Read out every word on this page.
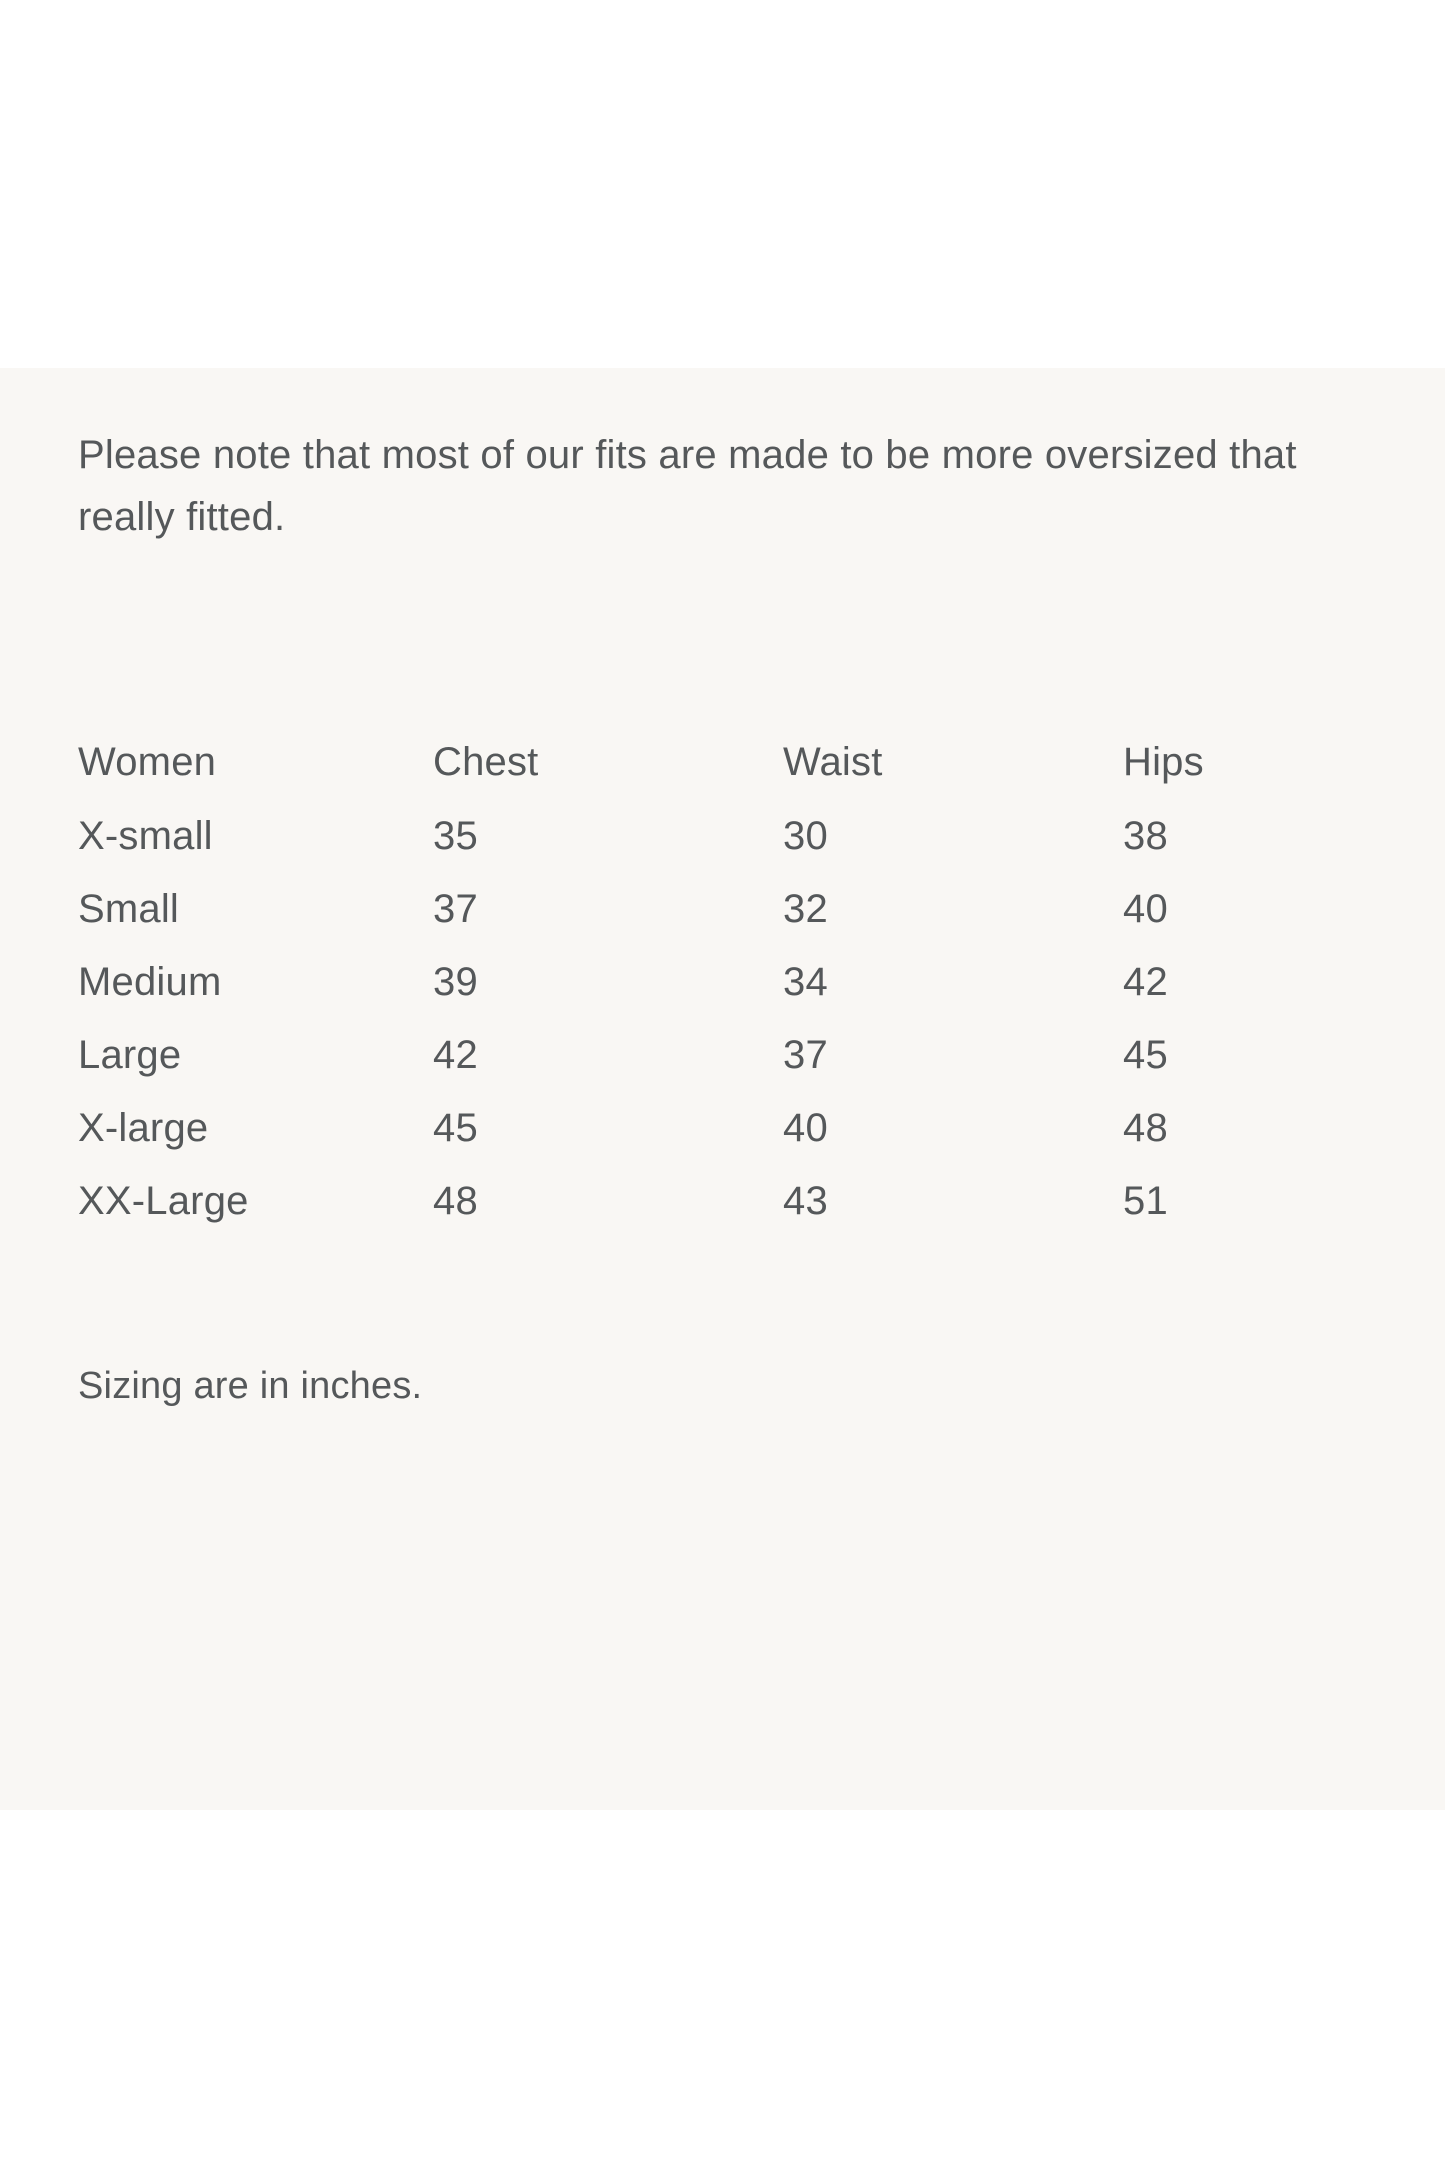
Please note that most of our fits are made to be more oversized that really fitted.

Women	Chest	Waist	Hips
X-small	35	30	38
Small	37	32	40
Medium	39	34	42
Large	42	37	45
X-large	45	40	48
XX-Large	48	43	51
Sizing are in inches.
